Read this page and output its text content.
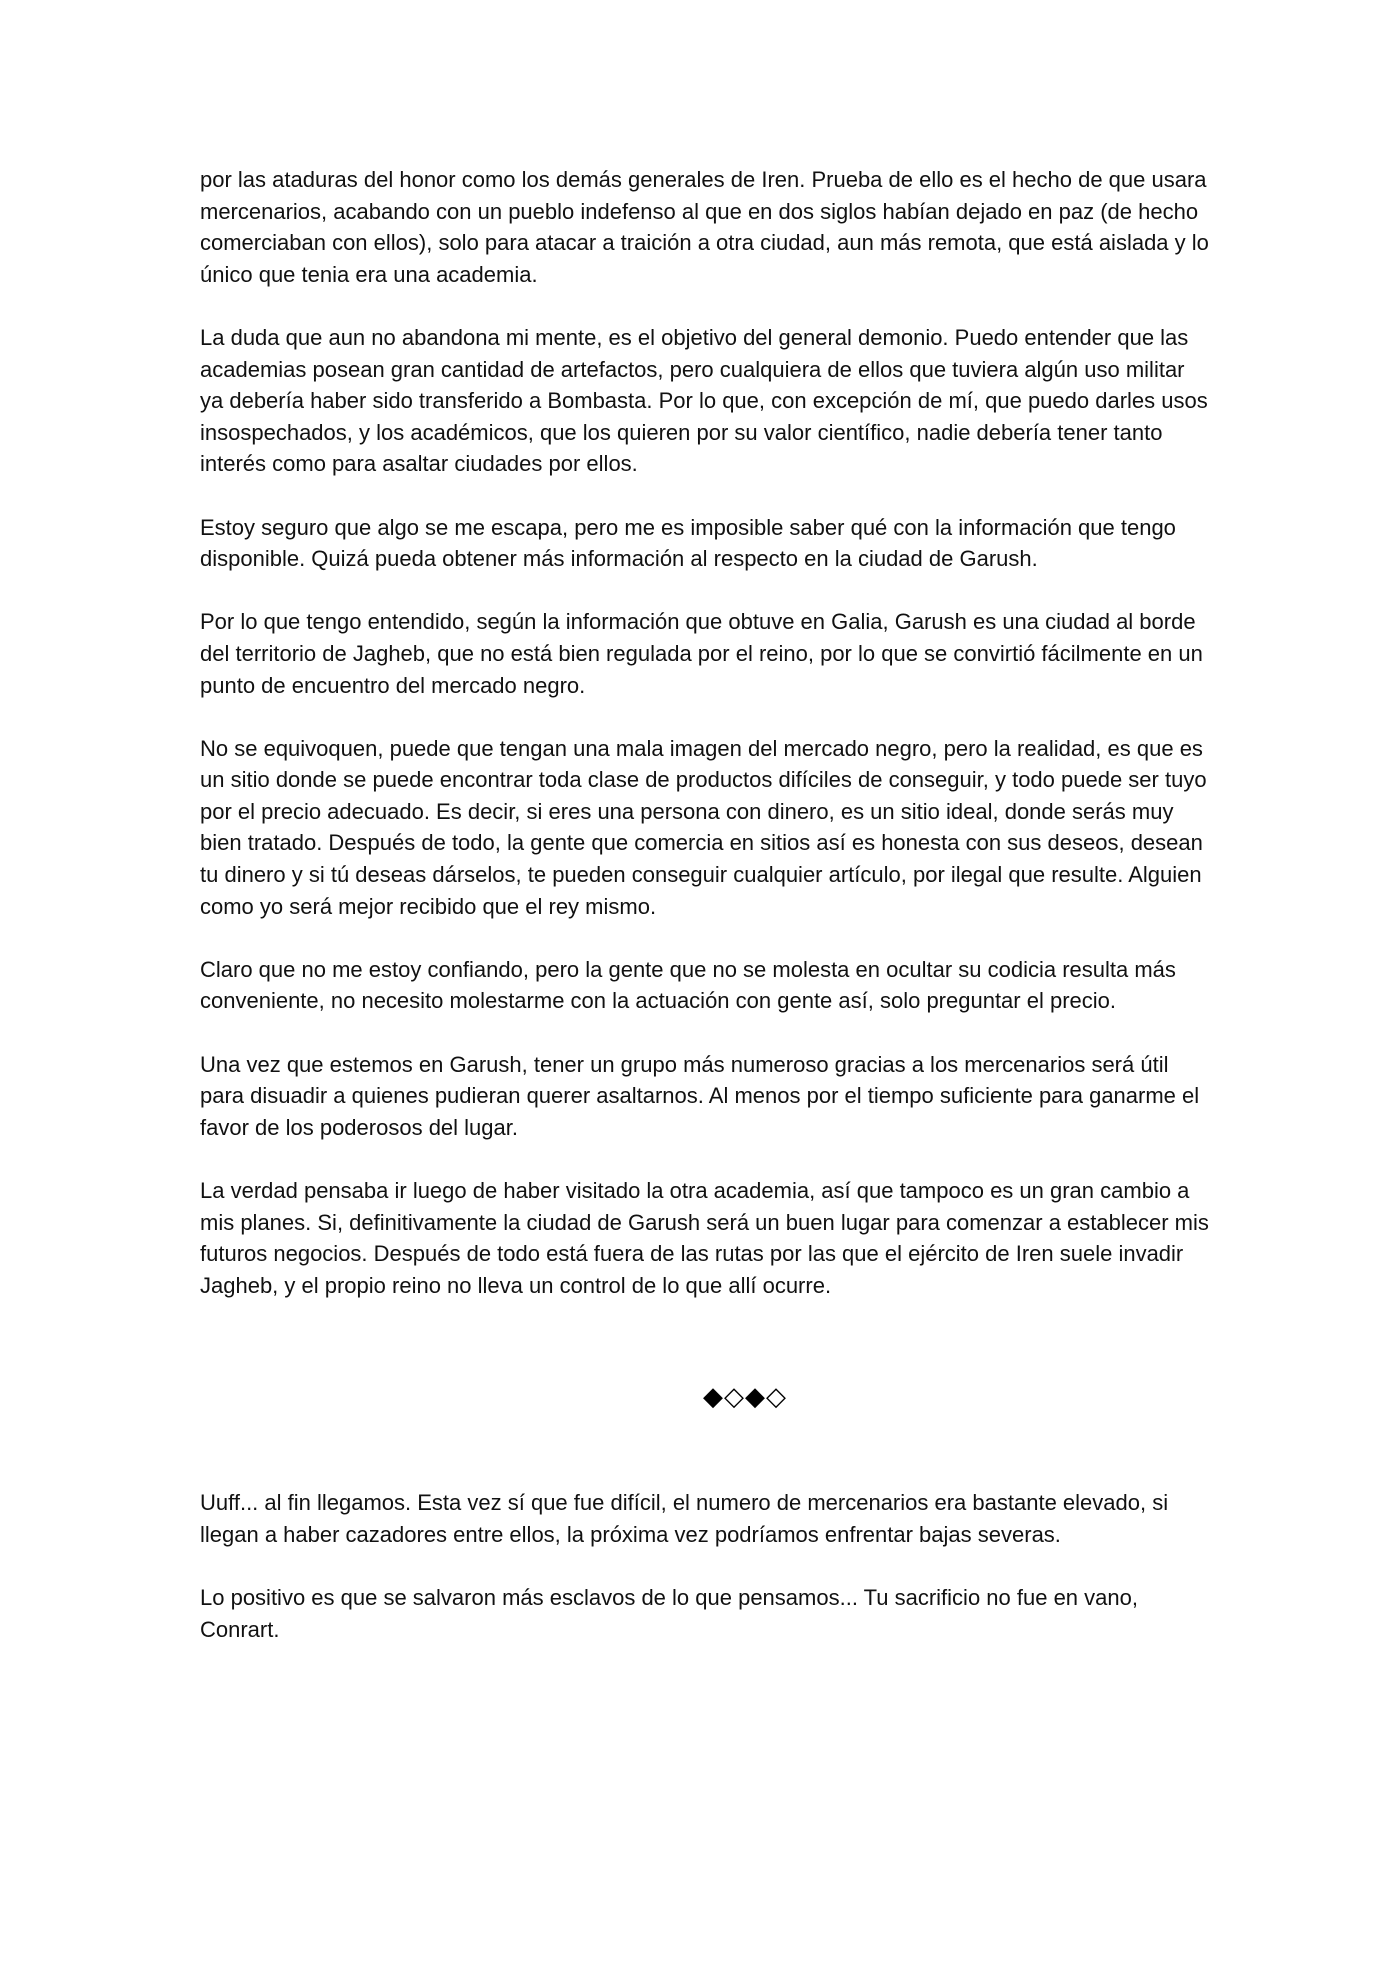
por las ataduras del honor como los demás generales de Iren. Prueba de ello es el hecho de que usara mercenarios, acabando con un pueblo indefenso al que en dos siglos habían dejado en paz (de hecho comerciaban con ellos), solo para atacar a traición a otra ciudad, aun más remota, que está aislada y lo único que tenia era una academia.

La duda que aun no abandona mi mente, es el objetivo del general demonio. Puedo entender que las academias posean gran cantidad de artefactos, pero cualquiera de ellos que tuviera algún uso militar ya debería haber sido transferido a Bombasta. Por lo que, con excepción de mí, que puedo darles usos insospechados, y los académicos, que los quieren por su valor científico, nadie debería tener tanto interés como para asaltar ciudades por ellos.

Estoy seguro que algo se me escapa, pero me es imposible saber qué con la información que tengo disponible. Quizá pueda obtener más información al respecto en la ciudad de Garush.

Por lo que tengo entendido, según la información que obtuve en Galia, Garush es una ciudad al borde del territorio de Jagheb, que no está bien regulada por el reino, por lo que se convirtió fácilmente en un punto de encuentro del mercado negro.

No se equivoquen, puede que tengan una mala imagen del mercado negro, pero la realidad, es que es un sitio donde se puede encontrar toda clase de productos difíciles de conseguir, y todo puede ser tuyo por el precio adecuado. Es decir, si eres una persona con dinero, es un sitio ideal, donde serás muy bien tratado. Después de todo, la gente que comercia en sitios así es honesta con sus deseos, desean tu dinero y si tú deseas dárselos, te pueden conseguir cualquier artículo, por ilegal que resulte. Alguien como yo será mejor recibido que el rey mismo.

Claro que no me estoy confiando, pero la gente que no se molesta en ocultar su codicia resulta más conveniente, no necesito molestarme con la actuación con gente así, solo preguntar el precio.

Una vez que estemos en Garush, tener un grupo más numeroso gracias a los mercenarios será útil para disuadir a quienes pudieran querer asaltarnos. Al menos por el tiempo suficiente para ganarme el favor de los poderosos del lugar.

La verdad pensaba ir luego de haber visitado la otra academia, así que tampoco es un gran cambio a mis planes. Si, definitivamente la ciudad de Garush será un buen lugar para comenzar a establecer mis futuros negocios. Después de todo está fuera de las rutas por las que el ejército de Iren suele invadir Jagheb, y el propio reino no lleva un control de lo que allí ocurre.

◆◇◆◇

Uuff... al fin llegamos. Esta vez sí que fue difícil, el numero de mercenarios era bastante elevado, si llegan a haber cazadores entre ellos, la próxima vez podríamos enfrentar bajas severas.

Lo positivo es que se salvaron más esclavos de lo que pensamos... Tu sacrificio no fue en vano, Conrart.
